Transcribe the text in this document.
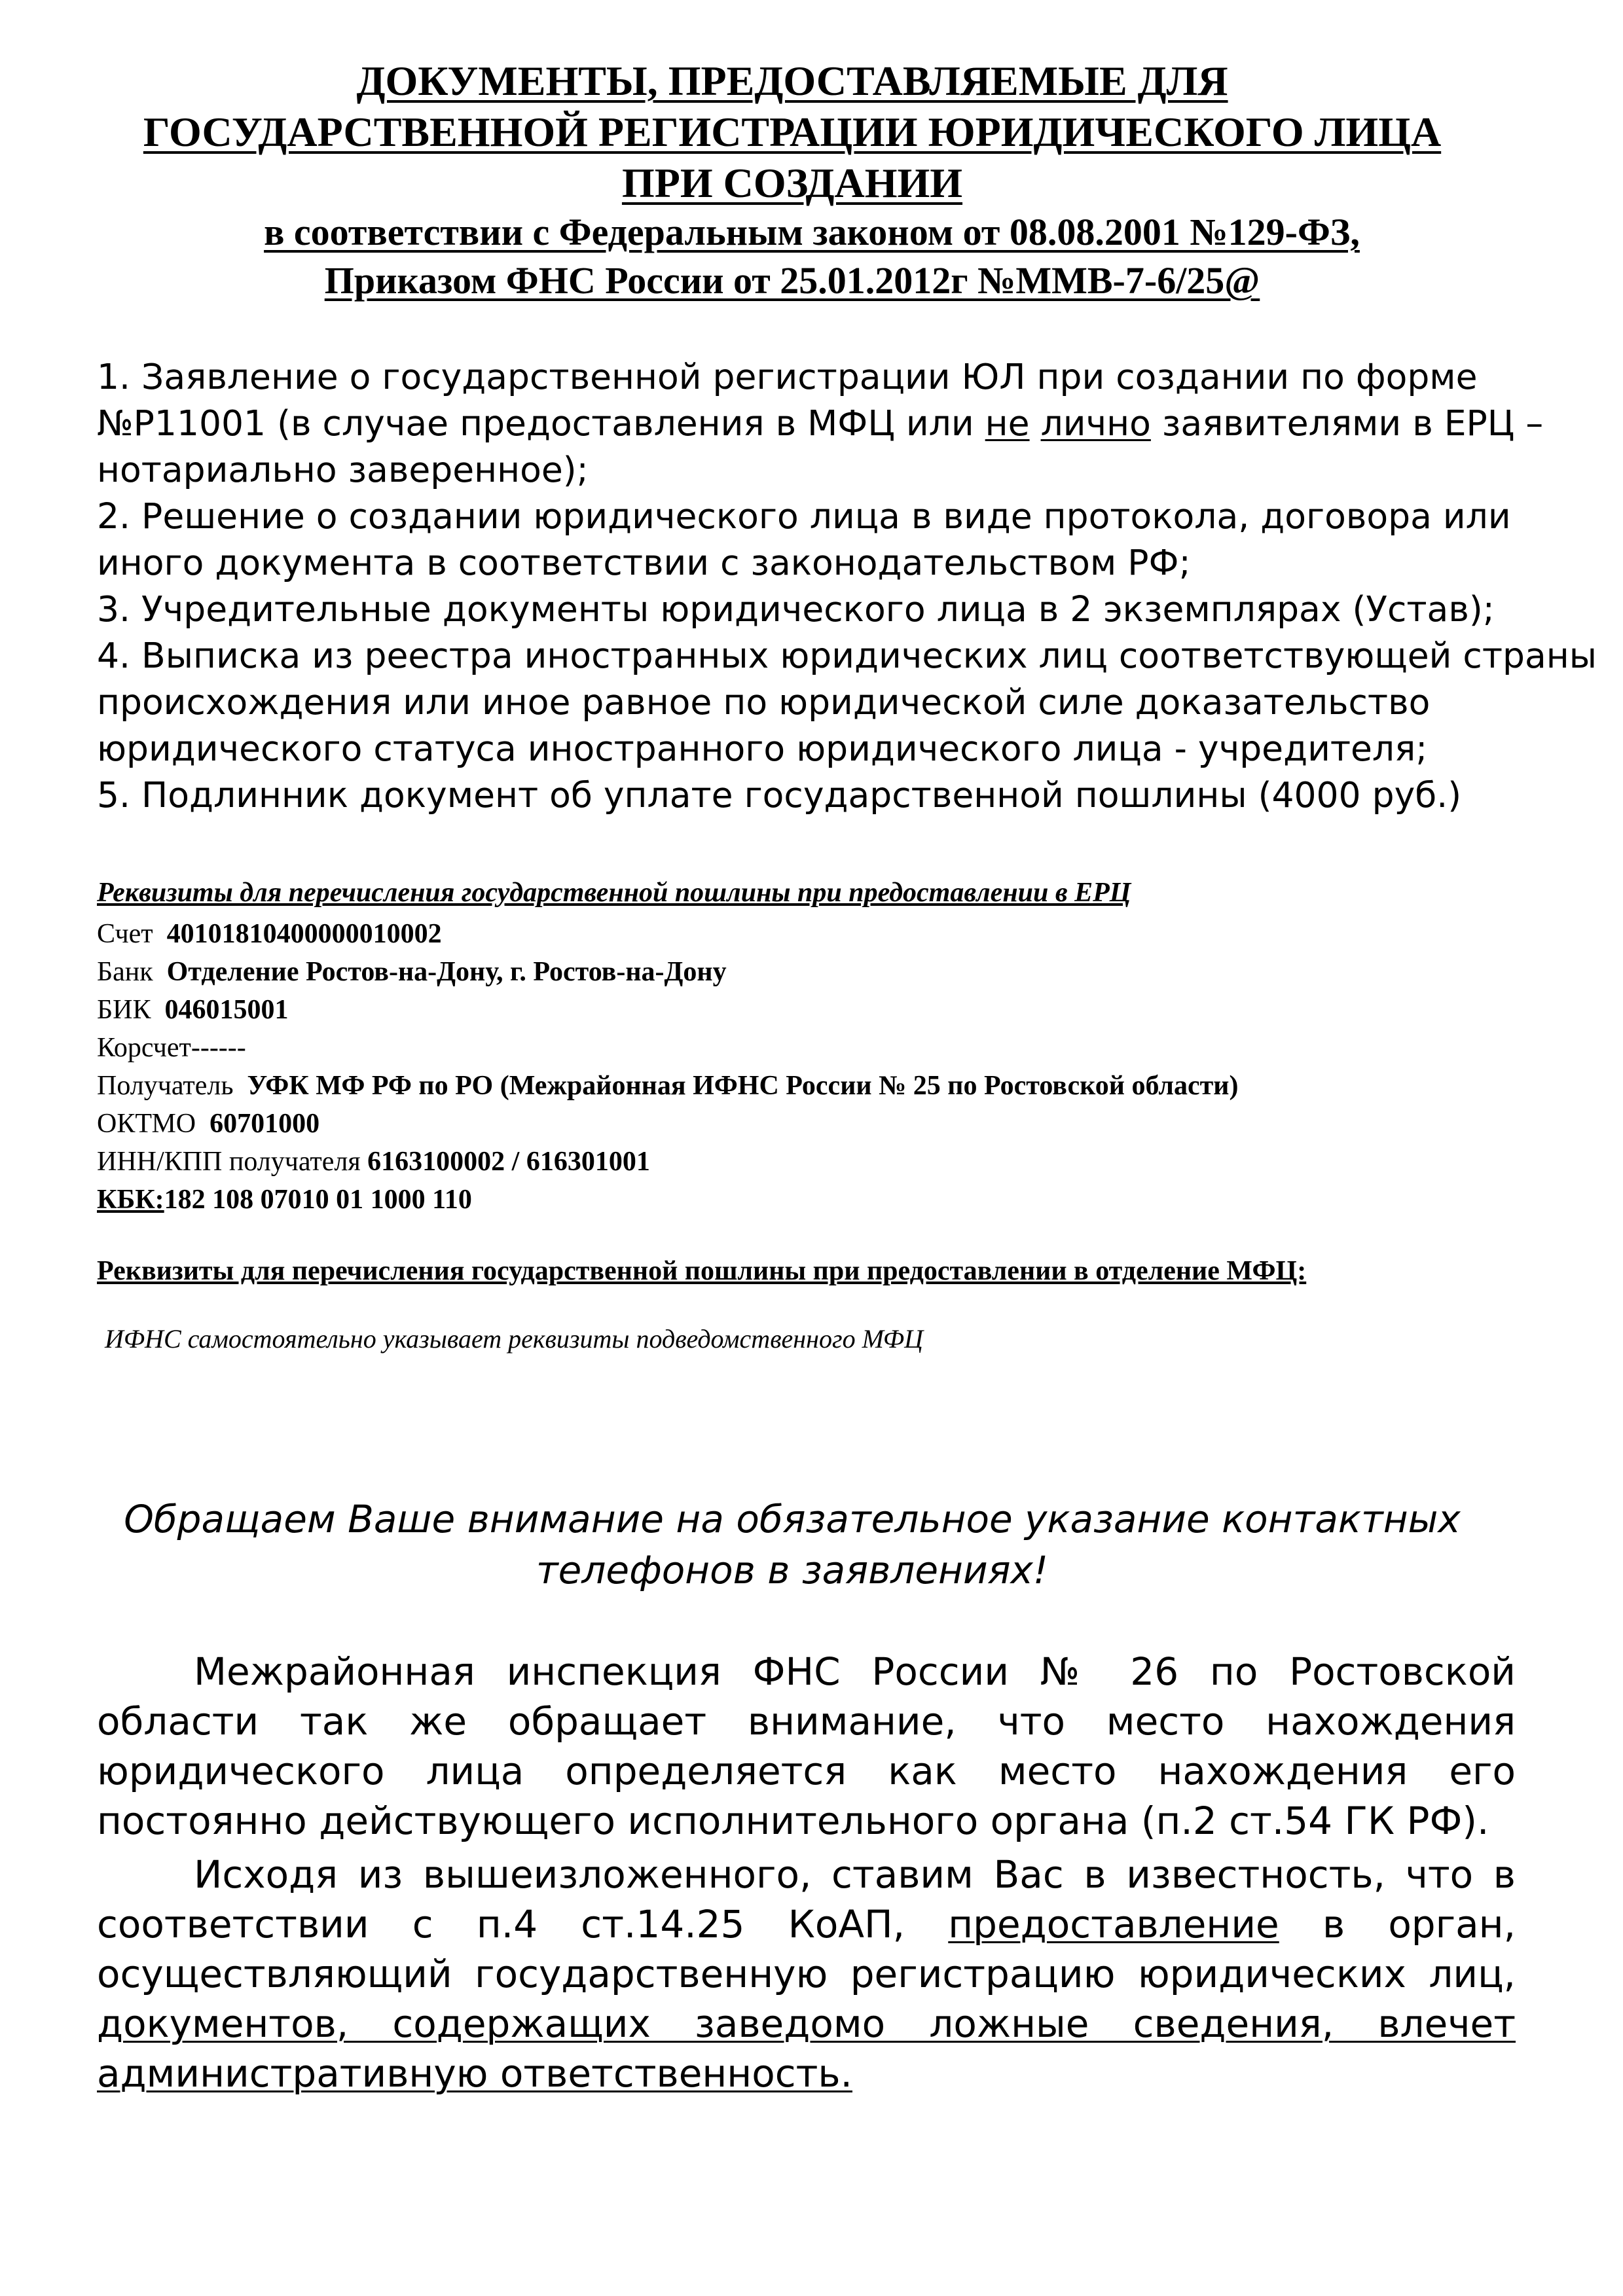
ДОКУМЕНТЫ, ПРЕДОСТАВЛЯЕМЫЕ ДЛЯ
ГОСУДАРСТВЕННОЙ РЕГИСТРАЦИИ ЮРИДИЧЕСКОГО ЛИЦА
ПРИ СОЗДАНИИ
в соответствии с Федеральным законом от 08.08.2001 №129-ФЗ,
Приказом ФНС России от 25.01.2012г №ММВ-7-6/25@

1. Заявление о государственной регистрации ЮЛ при создании по форме

№Р11001 (в случае предоставления в МФЦ или не лично заявителями в ЕРЦ –

нотариально заверенное);

2. Решение о создании юридического лица в виде протокола, договора или

иного документа в соответствии с законодательством РФ;

3. Учредительные документы юридического лица в 2 экземплярах (Устав);

4. Выписка из реестра иностранных юридических лиц соответствующей страны

происхождения или иное равное по юридической силе доказательство

юридического статуса иностранного юридического лица - учредителя;

5. Подлинник документ об уплате государственной пошлины (4000 руб.)

Реквизиты для перечисления государственной пошлины при предоставлении в ЕРЦ
Счет 40101810400000010002
Банк Отделение Ростов-на-Дону, г. Ростов-на-Дону
БИК 046015001
Корсчет------
Получатель УФК МФ РФ по РО (Межрайонная ИФНС России № 25 по Ростовской области)
ОКТМО 60701000
ИНН/КПП получателя 6163100002 / 616301001
КБК:182 108 07010 01 1000 110
Реквизиты для перечисления государственной пошлины при предоставлении в отделение МФЦ:
ИФНС самостоятельно указывает реквизиты подведомственного МФЦ
Обращаем Ваше внимание на обязательное указание контактных
телефонов в заявлениях!
Межрайонная инспекция ФНС России № 26 по Ростовской области так же обращает внимание, что место нахождения юридического лица определяется как место нахождения его постоянно действующего исполнительного органа (п.2 ст.54 ГК РФ).
Исходя из вышеизложенного, ставим Вас в известность, что в соответствии с п.4 ст.14.25 КоАП, предоставление в орган, осуществляющий государственную регистрацию юридических лиц, документов, содержащих заведомо ложные сведения, влечет административную ответственность.
